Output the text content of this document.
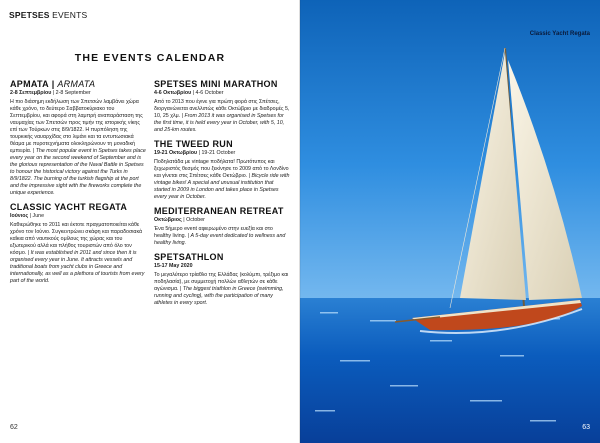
SPETSES EVENTS
THE EVENTS CALENDAR
ΑΡΜΑΤΑ | ARMATA
2-8 Σεπτεμβρίου | 2-8 September
Η πιο διάσημη εκδήλωση των Σπετσών λαμβάνει χώρα κάθε χρόνο, το δεύτερο Σαββατοκύριακο του Σεπτεμβρίου, και αφορά στη λαμπρή αναπαράσταση της ναυμαχίας των Σπετσών προς τιμήν της ιστορικής νίκης επί των Τούρκων στις 8/9/1822. Η πυρπόληση της τουρκικής ναυαρχίδας στο λιμάνι και τα εντυπωσιακά θέαμα με πυροτεχνήματα ολοκληρώνουν τη μοναδική εμπειρία. | The most popular event in Spetses takes place every year on the second weekend of September and is the glorious representation of the Naval Battle in Spetses to honour the historical victory against the Turks in 8/9/1822. The burning of the turkish flagship at the port and the impressive sight with the fireworks complete the unique experience.
CLASSIC YACHT REGATA
Ιούνιος | June
Καθιερώθηκε το 2011 και έκτοτε πραγματοποιείται κάθε χρόνο τον Ιούνιο. Συγκεντρώνει σκάφη και παραδοσιακά καΐκια από ναυτικούς ομίλους της χώρας και του εξωτερικού αλλά και πλήθος τουριστών από όλο τον κόσμο. | It was established in 2011 and since then it is organised every year in June. It attracts vessels and traditional boats from yacht clubs in Greece and internationally, as well as a plethora of tourists from every part of the world.
SPETSES MINI MARATHON
4-6 Οκτωβρίου | 4-6 October
Από το 2013 που έγινε για πρώτη φορά στις Σπέτσες, διοργανώνεται ανελλιπώς κάθε Οκτώβριο με διαδρομές 5, 10, 25 χλμ. | From 2013 it was organised in Spetses for the first time, it is held every year in October, with 5, 10, and 25-km routes.
THE TWEED RUN
19-21 Οκτωβρίου | 19-21 October
Ποδηλατάδα με vintage ποδήλατα! Πρωτότυπος και ξεχωριστός θεσμός που ξεκίνησε το 2009 από το Λονδίνο και γίνεται στις Σπέτσες κάθε Οκτώβριο. | Bicycle ride with vintage bikes! A special and unusual institution that started in 2009 in London and takes place in Spetses every year in October.
MEDITERRANEAN RETREAT
Οκτώβριος | October
Ένα 5ήμερο event αφιερωμένο στην ευεξία και στο healthy living. | A 5-day event dedicated to wellness and healthy living.
SPETSATHLON
15-17 May 2020
Το μεγαλύτερο τρίαθλο της Ελλάδας (κολύμπι, τρέξιμο και ποδηλασία), με συμμετοχή πολλών αθλητών σε κάθε αγώνισμα. | The biggest triathlon in Greece (swimming, running and cycling), with the participation of many athletes in every sport.
62
Classic Yacht Regata
63
